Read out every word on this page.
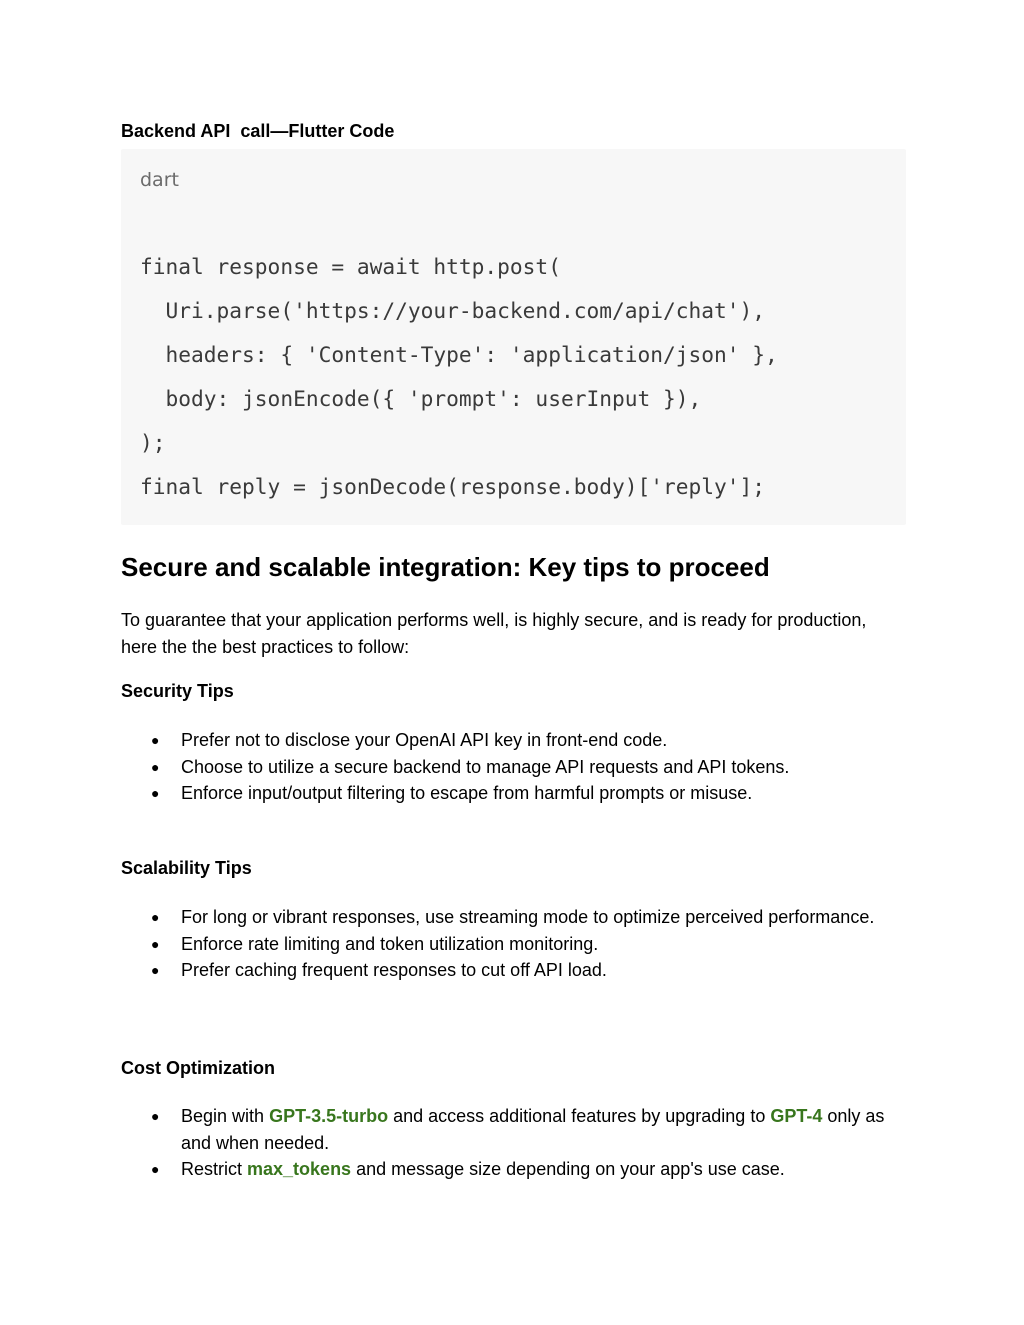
Backend API  call—Flutter Code
dart
final response = await http.post(
Uri.parse('https://your-backend.com/api/chat'),
headers: { 'Content-Type': 'application/json' },
body: jsonEncode({ 'prompt': userInput }),
);
final reply = jsonDecode(response.body)['reply'];
Secure and scalable integration: Key tips to proceed

To guarantee that your application performs well, is highly secure, and is ready for production, here the the best practices to follow:

Security Tips
● Prefer not to disclose your OpenAI API key in front-end code.
● Choose to utilize a secure backend to manage API requests and API tokens.
● Enforce input/output filtering to escape from harmful prompts or misuse.
Scalability Tips
● For long or vibrant responses, use streaming mode to optimize perceived performance.
● Enforce rate limiting and token utilization monitoring.
● Prefer caching frequent responses to cut off API load.
Cost Optimization
● Begin with GPT-3.5-turbo and access additional features by upgrading to GPT-4 only as and when needed.
● Restrict max_tokens and message size depending on your app's use case.
